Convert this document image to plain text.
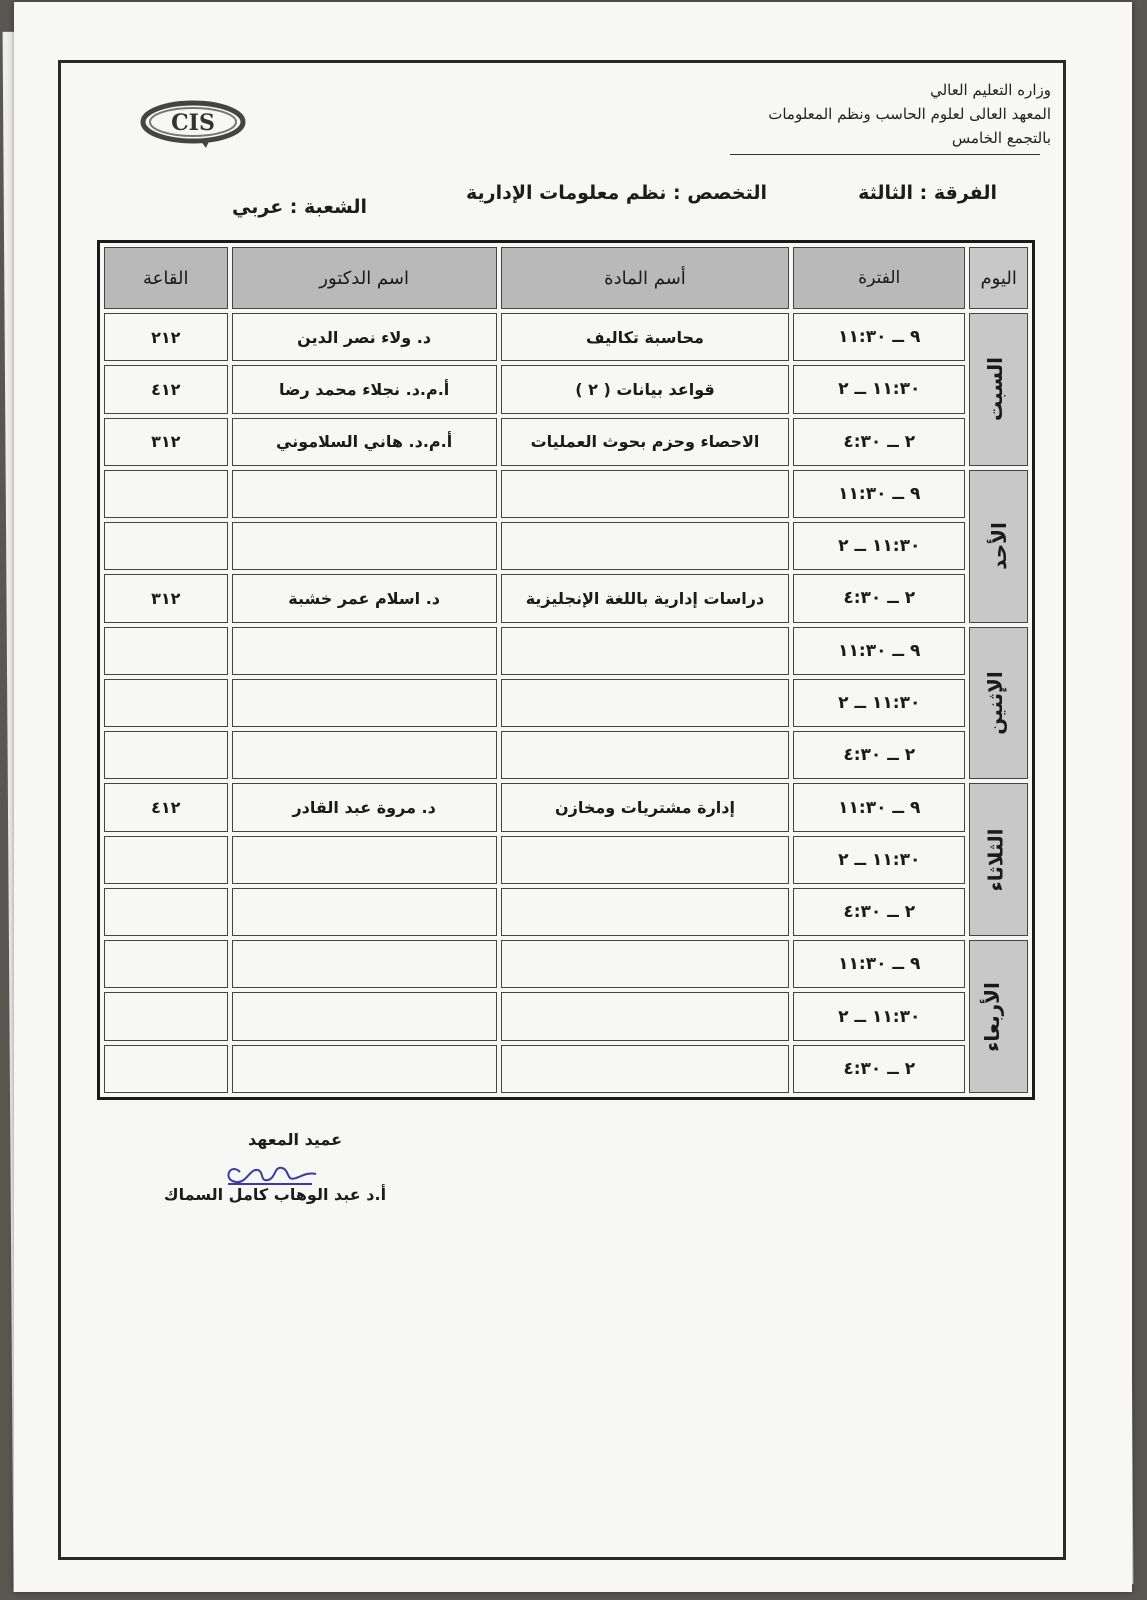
وزاره التعليم العالي
المعهد العالى لعلوم الحاسب ونظم المعلومات
بالتجمع الخامس
CIS
الفرقة : الثالثة
التخصص : نظم معلومات الإدارية
الشعبة : عربي
اليوم	الفترة	أسم المادة	اسم الدكتور	القاعة
السبت	٩ ــ ١١:٣٠	محاسبة تكاليف	د. ولاء نصر الدين	٢١٢
	١١:٣٠ ــ ٢	قواعد بيانات ( ٢ )	أ.م.د. نجلاء محمد رضا	٤١٢
	٢ ــ ٤:٣٠	الاحصاء وحزم بحوث العمليات	أ.م.د. هاني السلاموني	٣١٢
الأحد	٩ ــ ١١:٣٠			
	١١:٣٠ ــ ٢			
	٢ ــ ٤:٣٠	دراسات إدارية باللغة الإنجليزية	د. اسلام عمر خشبة	٣١٢
الإثنين	٩ ــ ١١:٣٠			
	١١:٣٠ ــ ٢			
	٢ ــ ٤:٣٠			
الثلاثاء	٩ ــ ١١:٣٠	إدارة مشتريات ومخازن	د. مروة عبد القادر	٤١٢
	١١:٣٠ ــ ٢			
	٢ ــ ٤:٣٠			
الأربعاء	٩ ــ ١١:٣٠			
	١١:٣٠ ــ ٢			
	٢ ــ ٤:٣٠			
عميد المعهد
أ.د عبد الوهاب كامل السماك
